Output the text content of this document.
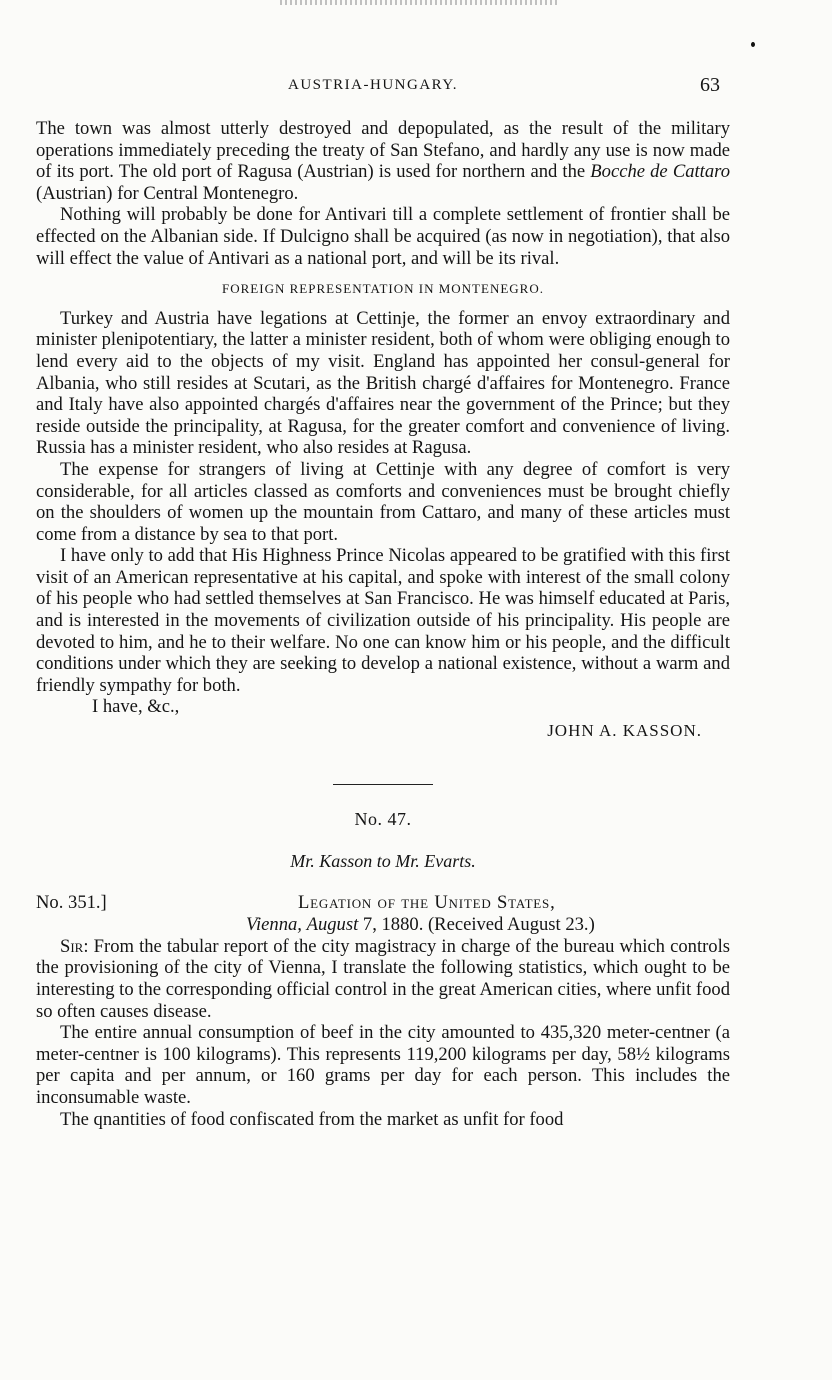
AUSTRIA-HUNGARY.	63

The town was almost utterly destroyed and depopulated, as the result of the military operations immediately preceding the treaty of San Stefano, and hardly any use is now made of its port. The old port of Ragusa (Austrian) is used for northern and the Bocche de Cattaro (Austrian) for Central Montenegro.

Nothing will probably be done for Antivari till a complete settlement of frontier shall be effected on the Albanian side. If Dulcigno shall be acquired (as now in negotiation), that also will effect the value of Antivari as a national port, and will be its rival.

FOREIGN REPRESENTATION IN MONTENEGRO.

Turkey and Austria have legations at Cettinje, the former an envoy extraordinary and minister plenipotentiary, the latter a minister resident, both of whom were obliging enough to lend every aid to the objects of my visit. England has appointed her consul-general for Albania, who still resides at Scutari, as the British chargé d'affaires for Montenegro. France and Italy have also appointed chargés d'affaires near the government of the Prince; but they reside outside the principality, at Ragusa, for the greater comfort and convenience of living. Russia has a minister resident, who also resides at Ragusa.

The expense for strangers of living at Cettinje with any degree of comfort is very considerable, for all articles classed as comforts and conveniences must be brought chiefly on the shoulders of women up the mountain from Cattaro, and many of these articles must come from a distance by sea to that port.

I have only to add that His Highness Prince Nicolas appeared to be gratified with this first visit of an American representative at his capital, and spoke with interest of the small colony of his people who had settled themselves at San Francisco. He was himself educated at Paris, and is interested in the movements of civilization outside of his principality. His people are devoted to him, and he to their welfare. No one can know him or his people, and the difficult conditions under which they are seeking to develop a national existence, without a warm and friendly sympathy for both.

I have, &c.,

JOHN A. KASSON.
No. 47.
Mr. Kasson to Mr. Evarts.
No. 351.]	Legation of the United States,
Vienna, August 7, 1880. (Received August 23.)

Sir: From the tabular report of the city magistracy in charge of the bureau which controls the provisioning of the city of Vienna, I translate the following statistics, which ought to be interesting to the corresponding official control in the great American cities, where unfit food so often causes disease.

The entire annual consumption of beef in the city amounted to 435,320 meter-centner (a meter-centner is 100 kilograms). This represents 119,200 kilograms per day, 58½ kilograms per capita and per annum, or 160 grams per day for each person. This includes the inconsumable waste.

The qnantities of food confiscated from the market as unfit for food
